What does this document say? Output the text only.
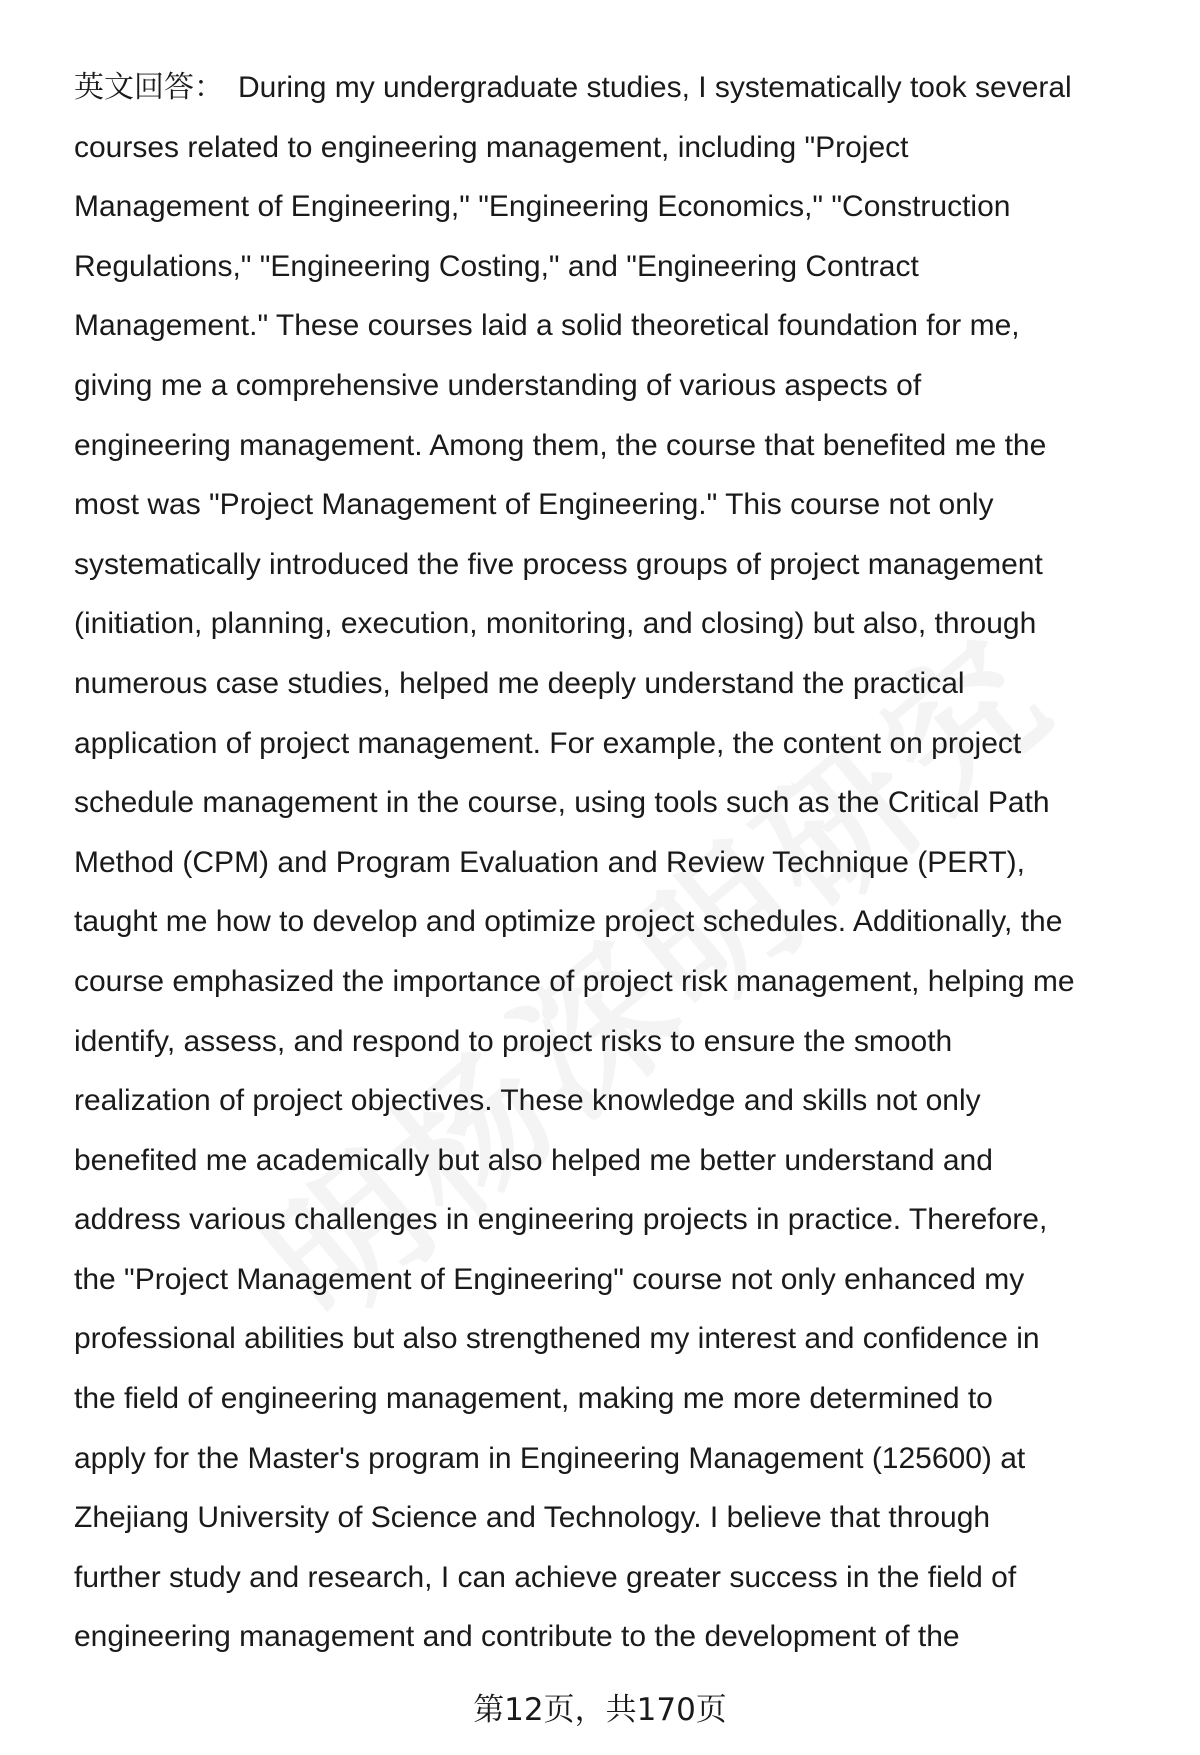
英文回答： During my undergraduate studies, I systematically took several
courses related to engineering management, including "Project
Management of Engineering," "Engineering Economics," "Construction
Regulations," "Engineering Costing," and "Engineering Contract
Management." These courses laid a solid theoretical foundation for me,
giving me a comprehensive understanding of various aspects of
engineering management. Among them, the course that benefited me the
most was "Project Management of Engineering." This course not only
systematically introduced the five process groups of project management
(initiation, planning, execution, monitoring, and closing) but also, through
numerous case studies, helped me deeply understand the practical
application of project management. For example, the content on project
schedule management in the course, using tools such as the Critical Path
Method (CPM) and Program Evaluation and Review Technique (PERT),
taught me how to develop and optimize project schedules. Additionally, the
course emphasized the importance of project risk management, helping me
identify, assess, and respond to project risks to ensure the smooth
realization of project objectives. These knowledge and skills not only
benefited me academically but also helped me better understand and
address various challenges in engineering projects in practice. Therefore,
the "Project Management of Engineering" course not only enhanced my
professional abilities but also strengthened my interest and confidence in
the field of engineering management, making me more determined to
apply for the Master's program in Engineering Management (125600) at
Zhejiang University of Science and Technology. I believe that through
further study and research, I can achieve greater success in the field of
engineering management and contribute to the development of the
第12页，共170页
